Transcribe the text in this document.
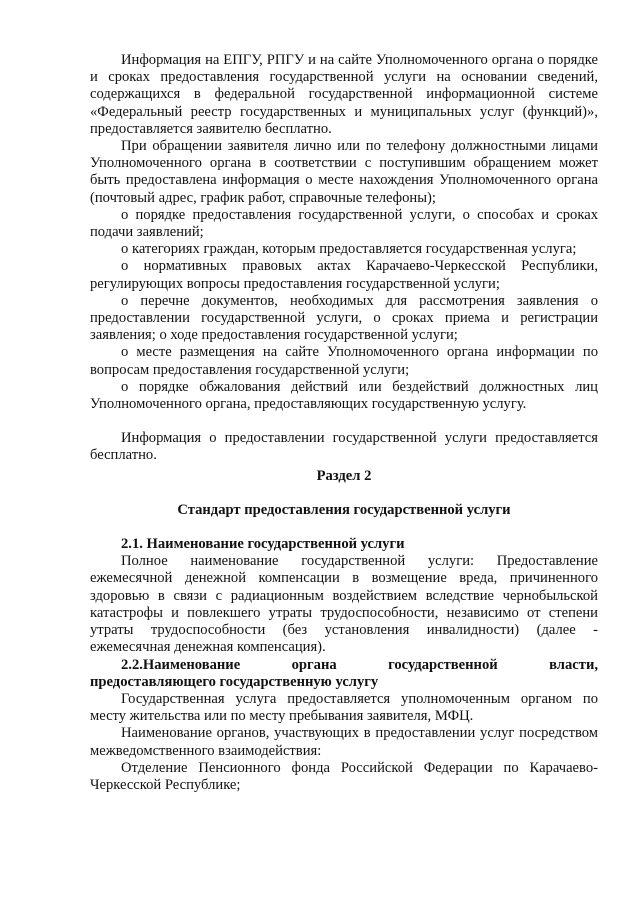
Информация на ЕПГУ, РПГУ и на сайте Уполномоченного органа о порядке и сроках предоставления государственной услуги на основании сведений, содержащихся в федеральной государственной информационной системе «Федеральный реестр государственных и муниципальных услуг (функций)», предоставляется заявителю бесплатно.

При обращении заявителя лично или по телефону должностными лицами Уполномоченного органа в соответствии с поступившим обращением может быть предоставлена информация о месте нахождения Уполномоченного органа (почтовый адрес, график работ, справочные телефоны);

о порядке предоставления государственной услуги, о способах и сроках подачи заявлений;

о категориях граждан, которым предоставляется государственная услуга;

о нормативных правовых актах Карачаево-Черкесской Республики, регулирующих вопросы предоставления государственной услуги;

о перечне документов, необходимых для рассмотрения заявления о предоставлении государственной услуги, о сроках приема и регистрации заявления; о ходе предоставления государственной услуги;

о месте размещения на сайте Уполномоченного органа информации по вопросам предоставления государственной услуги;

о порядке обжалования действий или бездействий должностных лиц Уполномоченного органа, предоставляющих государственную услугу.

Информация о предоставлении государственной услуги предоставляется бесплатно.

Раздел 2

Стандарт предоставления государственной услуги

2.1. Наименование государственной услуги

Полное наименование государственной услуги: Предоставление ежемесячной денежной компенсации в возмещение вреда, причиненного здоровью в связи с радиационным воздействием вследствие чернобыльской катастрофы и повлекшего утраты трудоспособности, независимо от степени утраты трудоспособности (без установления инвалидности) (далее - ежемесячная денежная компенсация).

2.2.Наименование органа государственной власти,

предоставляющего государственную услугу

Государственная услуга предоставляется уполномоченным органом по месту жительства или по месту пребывания заявителя, МФЦ.

Наименование органов, участвующих в предоставлении услуг посредством межведомственного взаимодействия:

Отделение Пенсионного фонда Российской Федерации по Карачаево-Черкесской Республике;
